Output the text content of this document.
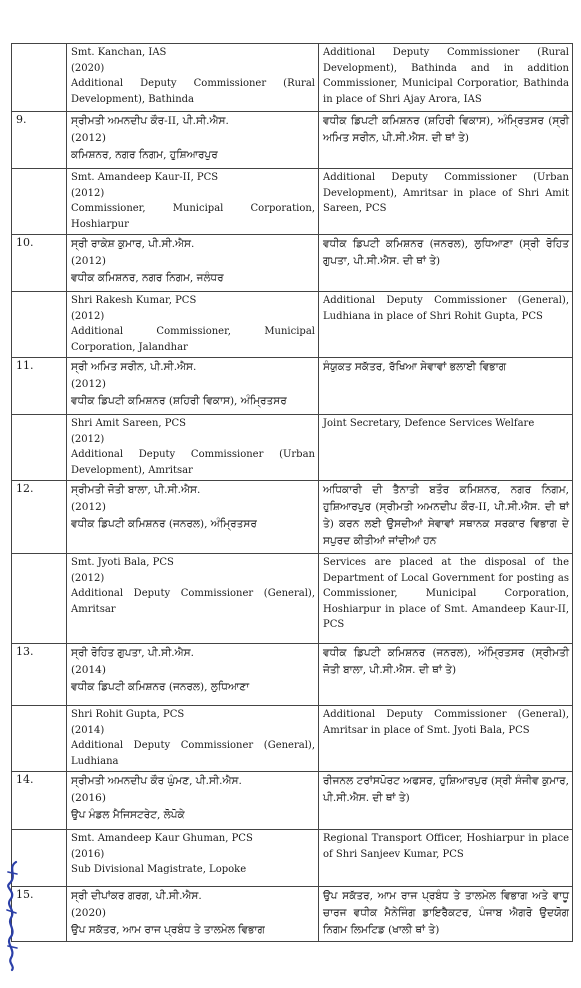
	Smt. Kanchan, IAS
(2020)
Additional Deputy Commissioner (Rural Development), Bathinda	Additional Deputy Commissioner (Rural Development), Bathinda and in addition Commissioner, Municipal Corporatior, Bathinda in place of Shri Ajay Arora, IAS

9.	ਸ੍ਰੀਮਤੀ ਅਮਨਦੀਪ ਕੌਰ-II, ਪੀ.ਸੀ.ਐਸ.
(2012)
ਕਮਿਸ਼ਨਰ, ਨਗਰ ਨਿਗਮ, ਹੁਸ਼ਿਆਰਪੁਰ	ਵਧੀਕ ਡਿਪਟੀ ਕਮਿਸ਼ਨਰ (ਸ਼ਹਿਰੀ ਵਿਕਾਸ), ਅੰਮ੍ਰਿਤਸਰ (ਸ੍ਰੀ ਅਮਿਤ ਸਰੀਨ, ਪੀ.ਸੀ.ਐਸ. ਦੀ ਥਾਂ ਤੇ)

	Smt. Amandeep Kaur-II, PCS
(2012)
Commissioner, Municipal Corporation, Hoshiarpur	Additional Deputy Commissioner (Urban Development), Amritsar in place of Shri Amit Sareen, PCS

10.	ਸ੍ਰੀ ਰਾਕੇਸ਼ ਕੁਮਾਰ, ਪੀ.ਸੀ.ਐਸ.
(2012)
ਵਧੀਕ ਕਮਿਸ਼ਨਰ, ਨਗਰ ਨਿਗਮ, ਜਲੰਧਰ	ਵਧੀਕ ਡਿਪਟੀ ਕਮਿਸ਼ਨਰ (ਜਨਰਲ), ਲੁਧਿਆਣਾ (ਸ੍ਰੀ ਰੋਹਿਤ ਗੁਪਤਾ, ਪੀ.ਸੀ.ਐਸ. ਦੀ ਥਾਂ ਤੇ)

	Shri Rakesh Kumar, PCS
(2012)
Additional Commissioner, Municipal Corporation, Jalandhar	Additional Deputy Commissioner (General), Ludhiana in place of Shri Rohit Gupta, PCS

11.	ਸ੍ਰੀ ਅਮਿਤ ਸਰੀਨ, ਪੀ.ਸੀ.ਐਸ.
(2012)
ਵਧੀਕ ਡਿਪਟੀ ਕਮਿਸ਼ਨਰ (ਸ਼ਹਿਰੀ ਵਿਕਾਸ), ਅੰਮ੍ਰਿਤਸਰ	ਸੰਯੁਕਤ ਸਕੱਤਰ, ਰੱਖਿਆ ਸੇਵਾਵਾਂ ਭਲਾਈ ਵਿਭਾਗ

	Shri Amit Sareen, PCS
(2012)
Additional Deputy Commissioner (Urban Development), Amritsar	Joint Secretary, Defence Services Welfare

12.	ਸ੍ਰੀਮਤੀ ਜੋਤੀ ਬਾਲਾ, ਪੀ.ਸੀ.ਐਸ.
(2012)
ਵਧੀਕ ਡਿਪਟੀ ਕਮਿਸ਼ਨਰ (ਜਨਰਲ), ਅੰਮ੍ਰਿਤਸਰ	ਅਧਿਕਾਰੀ ਦੀ ਤੈਨਾਤੀ ਬਤੌਰ ਕਮਿਸ਼ਨਰ, ਨਗਰ ਨਿਗਮ, ਹੁਸ਼ਿਆਰਪੁਰ (ਸ੍ਰੀਮਤੀ ਅਮਨਦੀਪ ਕੌਰ-II, ਪੀ.ਸੀ.ਐਸ. ਦੀ ਥਾਂ ਤੇ) ਕਰਨ ਲਈ ਉਸਦੀਆਂ ਸੇਵਾਵਾਂ ਸਥਾਨਕ ਸਰਕਾਰ ਵਿਭਾਗ ਦੇ ਸਪੁਰਦ ਕੀਤੀਆਂ ਜਾਂਦੀਆਂ ਹਨ

	Smt. Jyoti Bala, PCS
(2012)
Additional Deputy Commissioner (General), Amritsar	Services are placed at the disposal of the Department of Local Government for posting as Commissioner, Municipal Corporation, Hoshiarpur in place of Smt. Amandeep Kaur-II, PCS

13.	ਸ੍ਰੀ ਰੋਹਿਤ ਗੁਪਤਾ, ਪੀ.ਸੀ.ਐਸ.
(2014)
ਵਧੀਕ ਡਿਪਟੀ ਕਮਿਸ਼ਨਰ (ਜਨਰਲ), ਲੁਧਿਆਣਾ	ਵਧੀਕ ਡਿਪਟੀ ਕਮਿਸ਼ਨਰ (ਜਨਰਲ), ਅੰਮ੍ਰਿਤਸਰ (ਸ੍ਰੀਮਤੀ ਜੋਤੀ ਬਾਲਾ, ਪੀ.ਸੀ.ਐਸ. ਦੀ ਥਾਂ ਤੇ)

	Shri Rohit Gupta, PCS
(2014)
Additional Deputy Commissioner (General), Ludhiana	Additional Deputy Commissioner (General), Amritsar in place of Smt. Jyoti Bala, PCS

14.	ਸ੍ਰੀਮਤੀ ਅਮਨਦੀਪ ਕੌਰ ਘੁੰਮਣ, ਪੀ.ਸੀ.ਐਸ.
(2016)
ਉਪ ਮੰਡਲ ਮੈਜਿਸਟਰੇਟ, ਲੋਪੋਕੇ	ਰੀਜਨਲ ਟਰਾਂਸਪੋਰਟ ਅਫਸਰ, ਹੁਸ਼ਿਆਰਪੁਰ (ਸ੍ਰੀ ਸੰਜੀਵ ਕੁਮਾਰ, ਪੀ.ਸੀ.ਐਸ. ਦੀ ਥਾਂ ਤੇ)

	Smt. Amandeep Kaur Ghuman, PCS
(2016)
Sub Divisional Magistrate, Lopoke	Regional Transport Officer, Hoshiarpur in place of Shri Sanjeev Kumar, PCS

15.	ਸ੍ਰੀ ਦੀਪਾਂਕਰ ਗਰਗ, ਪੀ.ਸੀ.ਐਸ.
(2020)
ਉਪ ਸਕੱਤਰ, ਆਮ ਰਾਜ ਪ੍ਰਬੰਧ ਤੇ ਤਾਲਮੇਲ ਵਿਭਾਗ	ਉਪ ਸਕੱਤਰ, ਆਮ ਰਾਜ ਪ੍ਰਬੰਧ ਤੇ ਤਾਲਮੇਲ ਵਿਭਾਗ ਅਤੇ ਵਾਧੂ ਚਾਰਜ ਵਧੀਕ ਮੈਨੇਜਿੰਗ ਡਾਇਰੈਕਟਰ, ਪੰਜਾਬ ਐਗਰੋ ਉਦਯੋਗ ਨਿਗਮ ਲਿਮਟਿਡ (ਖਾਲੀ ਥਾਂ ਤੇ)
